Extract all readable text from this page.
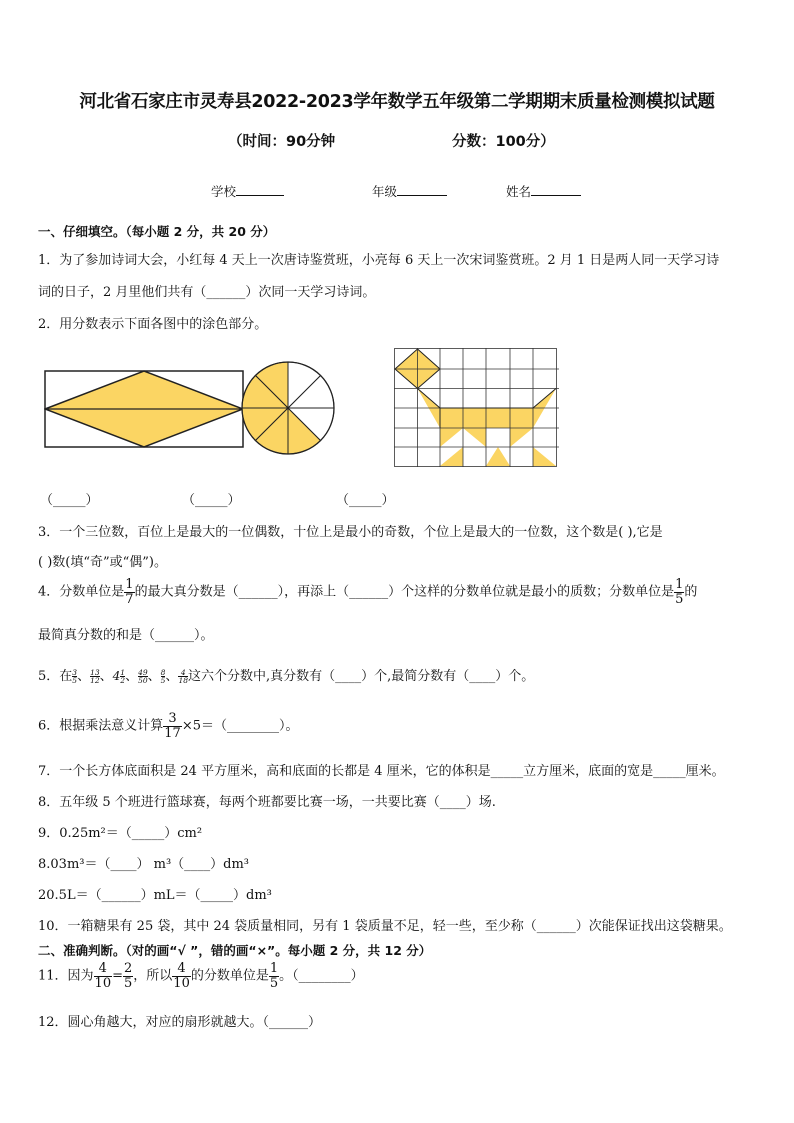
河北省石家庄市灵寿县2022-2023学年数学五年级第二学期期末质量检测模拟试题
（时间：90分钟	分数：100分）
学校	年级	姓名
一、仔细填空。（每小题 2 分，共 20 分）
1．为了参加诗词大会，小红每 4 天上一次唐诗鉴赏班，小亮每 6 天上一次宋词鉴赏班。2 月 1 日是两人同一天学习诗
词的日子，2 月里他们共有（______）次同一天学习诗词。
2．用分数表示下面各图中的涂色部分。
（_____）	（_____）	（_____）
3．一个三位数，百位上是最大的一位偶数，十位上是最小的奇数，个位上是最大的一位数，这个数是( ),它是
( )数(填“奇”或“偶”)。
4．分数单位是 $\frac{1}{7}$ 的最大真分数是（______），再添上（______）个这样的分数单位就是最小的质数；分数单位是 $\frac{1}{5}$ 的
最简真分数的和是（______）。
5．在 $\frac{3}{5}$ 、 $\frac{13}{12}$ 、$4 \frac{1}{2}$ 、 $\frac{49}{50}$ 、 $\frac{8}{5}$ 、 $\frac{4}{18}$ 这六个分数中,真分数有（____）个,最简分数有（____）个。
6．根据乘法意义计算 $\frac{3}{17}$ ×5＝（________）。
7．一个长方体底面积是 24 平方厘米，高和底面的长都是 4 厘米，它的体积是_____立方厘米，底面的宽是_____厘米。
8．五年级 5 个班进行篮球赛，每两个班都要比赛一场，一共要比赛（____）场.
9．0.25m²＝（_____）cm²
8.03m³＝（____） m³（____）dm³
20.5L＝（______）mL＝（_____）dm³
10．一箱糖果有 25 袋，其中 24 袋质量相同，另有 1 袋质量不足，轻一些，至少称（______）次能保证找出这袋糖果。
二、准确判断。（对的画“√ ”，错的画“×”。每小题 2 分，共 12 分）
11．因为 $\frac{4}{10} = \frac{2}{5}$ ，所以 $\frac{4}{10}$ 的分数单位是 $\frac{1}{5}$ 。（________）
12．圆心角越大，对应的扇形就越大。（______）
